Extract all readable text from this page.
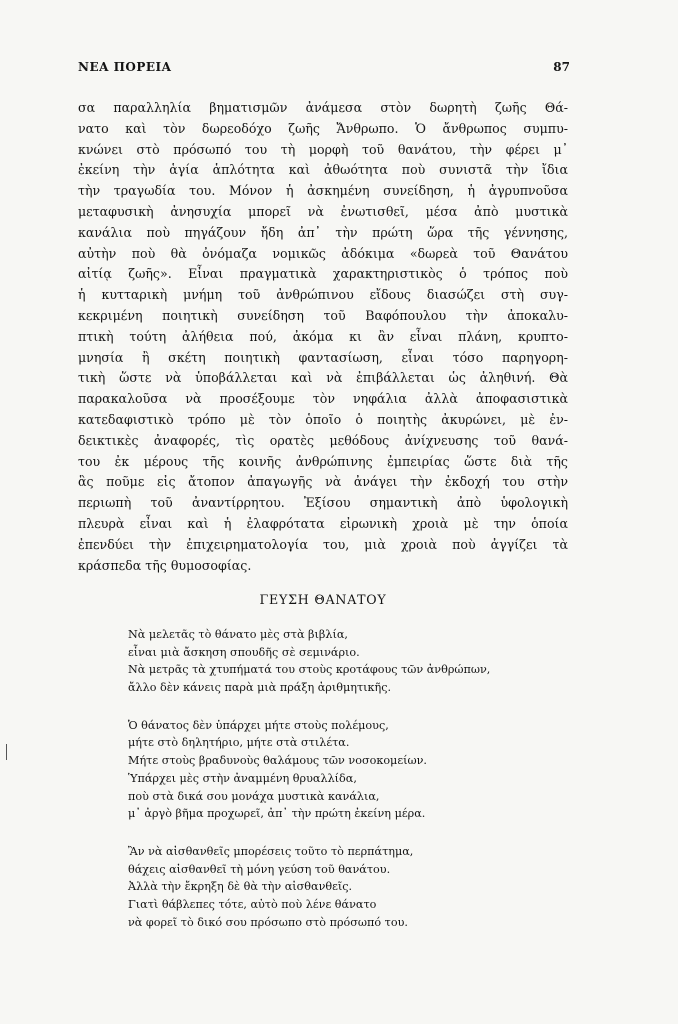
ΝΕΑ ΠΟΡΕΙΑ	87
σα παραλληλία βηματισμῶν ἀνάμεσα στὸν δωρητὴ ζωῆς Θά-
νατο καὶ τὸν δωρεοδόχο ζωῆς Ἄνθρωπο. Ὁ ἄνθρωπος συμπυ-
κνώνει στὸ πρόσωπό του τὴ μορφὴ τοῦ θανάτου, τὴν φέρει μ᾿
ἐκείνη τὴν ἁγία ἁπλότητα καὶ ἀθωότητα ποὺ συνιστᾶ τὴν ἴδια
τὴν τραγωδία του. Μόνον ἡ ἀσκημένη συνείδηση, ἡ ἀγρυπνοῦσα
μεταφυσικὴ ἀνησυχία μπορεῖ νὰ ἐνωτισθεῖ, μέσα ἀπὸ μυστικὰ
κανάλια ποὺ πηγάζουν ἤδη ἀπ᾿ τὴν πρώτη ὥρα τῆς γέννησης,
αὐτὴν ποὺ θὰ ὀνόμαζα νομικῶς ἀδόκιμα «δωρεὰ τοῦ Θανάτου
αἰτίᾳ ζωῆς». Εἶναι πραγματικὰ χαρακτηριστικὸς ὁ τρόπος ποὺ
ἡ κυτταρικὴ μνήμη τοῦ ἀνθρώπινου εἴδους διασώζει στὴ συγ-
κεκριμένη ποιητικὴ συνείδηση τοῦ Βαφόπουλου τὴν ἀποκαλυ-
πτικὴ τούτη ἀλήθεια πού, ἀκόμα κι ἂν εἶναι πλάνη, κρυπτο-
μνησία ἢ σκέτη ποιητικὴ φαντασίωση, εἶναι τόσο παρηγορη-
τικὴ ὥστε νὰ ὑποβάλλεται καὶ νὰ ἐπιβάλλεται ὡς ἀληθινή. Θὰ
παρακαλοῦσα νὰ προσέξουμε τὸν νηφάλια ἀλλὰ ἀποφασιστικὰ
κατεδαφιστικὸ τρόπο μὲ τὸν ὁποῖο ὁ ποιητὴς ἀκυρώνει, μὲ ἐν-
δεικτικὲς ἀναφορές, τὶς ορατὲς μεθόδους ἀνίχνευσης τοῦ θανά-
του ἐκ μέρους τῆς κοινῆς ἀνθρώπινης ἐμπειρίας ὥστε διὰ τῆς
ἃς ποῦμε εἰς ἄτοπον ἀπαγωγῆς νὰ ἀνάγει τὴν ἐκδοχή του στὴν
περιωπὴ τοῦ ἀναντίρρητου. Ἐξίσου σημαντικὴ ἀπὸ ὑφολογικὴ
πλευρὰ εἶναι καὶ ἡ ἐλαφρότατα εἰρωνικὴ χροιὰ μὲ την ὁποία
ἐπενδύει τὴν ἐπιχειρηματολογία του, μιὰ χροιὰ ποὺ ἀγγίζει τὰ
κράσπεδα τῆς θυμοσοφίας.
ΓΕΥΣΗ ΘΑΝΑΤΟΥ
Νὰ μελετᾶς τὸ θάνατο μὲς στὰ βιβλία,
εἶναι μιὰ ἄσκηση σπουδῆς σὲ σεμινάριο.
Νὰ μετρᾶς τὰ χτυπήματά του στοὺς κροτάφους τῶν ἀνθρώπων,
ἄλλο δὲν κάνεις παρὰ μιὰ πράξη ἀριθμητικῆς.
Ὁ θάνατος δὲν ὑπάρχει μήτε στοὺς πολέμους,
μήτε στὸ δηλητήριο, μήτε στὰ στιλέτα.
Μήτε στοὺς βραδυνοὺς θαλάμους τῶν νοσοκομείων.
Ὑπάρχει μὲς στὴν ἀναμμένη θρυαλλίδα,
ποὺ στὰ δικά σου μονάχα μυστικὰ κανάλια,
μ᾿ ἀργὸ βῆμα προχωρεῖ, ἀπ᾿ τὴν πρώτη ἐκείνη μέρα.
Ἂν νὰ αἰσθανθεῖς μπορέσεις τοῦτο τὸ περπάτημα,
θάχεις αἰσθανθεῖ τὴ μόνη γεύση τοῦ θανάτου.
Ἀλλὰ τὴν ἔκρηξη δὲ θὰ τὴν αἰσθανθεῖς.
Γιατὶ θάβλεπες τότε, αὐτὸ ποὺ λένε θάνατο
νὰ φορεῖ τὸ δικό σου πρόσωπο στὸ πρόσωπό του.
